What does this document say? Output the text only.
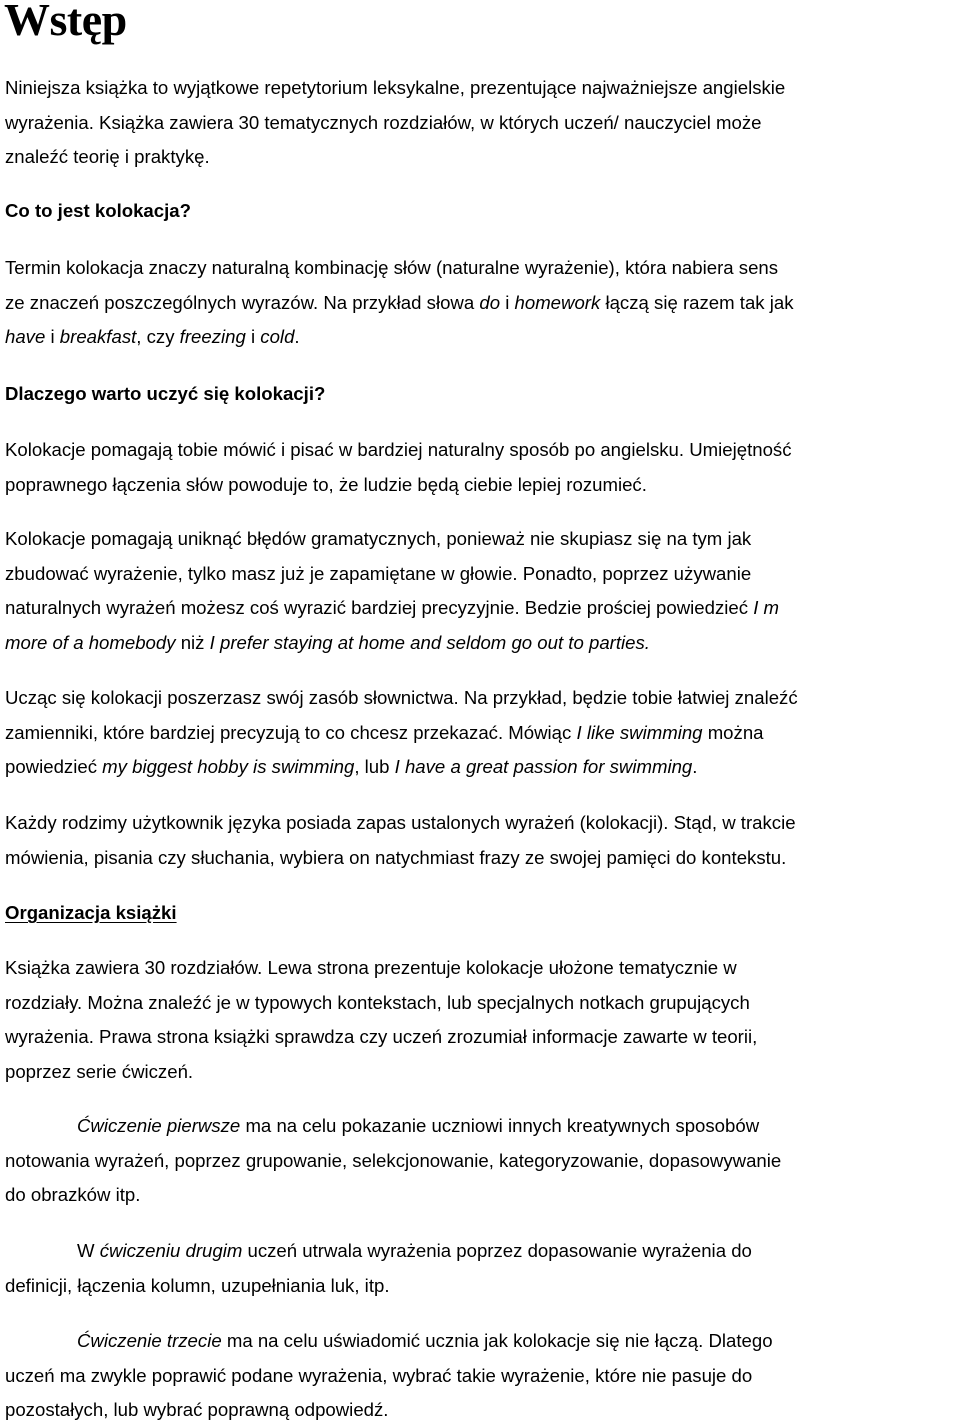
Wstęp
Niniejsza książka to wyjątkowe repetytorium leksykalne, prezentujące najważniejsze angielskie
wyrażenia. Książka zawiera 30 tematycznych rozdziałów, w których uczeń/ nauczyciel może
znaleźć teorię i praktykę.
Co to jest kolokacja?
Termin kolokacja znaczy naturalną kombinację słów (naturalne wyrażenie), która nabiera sens
ze znaczeń poszczególnych wyrazów. Na przykład słowa do i homework łączą się razem tak jak
have i breakfast, czy freezing i cold.
Dlaczego warto uczyć się kolokacji?
Kolokacje pomagają tobie mówić i pisać w bardziej naturalny sposób po angielsku. Umiejętność
poprawnego łączenia słów powoduje to, że ludzie będą ciebie lepiej rozumieć.
Kolokacje pomagają uniknąć błędów gramatycznych, ponieważ nie skupiasz się na tym jak
zbudować wyrażenie, tylko masz już je zapamiętane w głowie. Ponadto, poprzez używanie
naturalnych wyrażeń możesz coś wyrazić bardziej precyzyjnie. Bedzie prościej powiedzieć I m
more of a homebody niż I prefer staying at home and seldom go out to parties.
Ucząc się kolokacji poszerzasz swój zasób słownictwa. Na przykład, będzie tobie łatwiej znaleźć
zamienniki, które bardziej precyzują to co chcesz przekazać. Mówiąc I like swimming można
powiedzieć my biggest hobby is swimming, lub I have a great passion for swimming.
Każdy rodzimy użytkownik języka posiada zapas ustalonych wyrażeń (kolokacji). Stąd, w trakcie
mówienia, pisania czy słuchania, wybiera on natychmiast frazy ze swojej pamięci do kontekstu.
Organizacja książki
Książka zawiera 30 rozdziałów. Lewa strona prezentuje kolokacje ułożone tematycznie w
rozdziały. Można znaleźć je w typowych kontekstach, lub specjalnych notkach grupujących
wyrażenia. Prawa strona książki sprawdza czy uczeń zrozumiał informacje zawarte w teorii,
poprzez serie ćwiczeń.
Ćwiczenie pierwsze ma na celu pokazanie uczniowi innych kreatywnych sposobów
notowania wyrażeń, poprzez grupowanie, selekcjonowanie, kategoryzowanie, dopasowywanie
do obrazków itp.
W ćwiczeniu drugim uczeń utrwala wyrażenia poprzez dopasowanie wyrażenia do
definicji, łączenia kolumn, uzupełniania luk, itp.
Ćwiczenie trzecie ma na celu uświadomić ucznia jak kolokacje się nie łączą. Dlatego
uczeń ma zwykle poprawić podane wyrażenia, wybrać takie wyrażenie, które nie pasuje do
pozostałych, lub wybrać poprawną odpowiedź.
